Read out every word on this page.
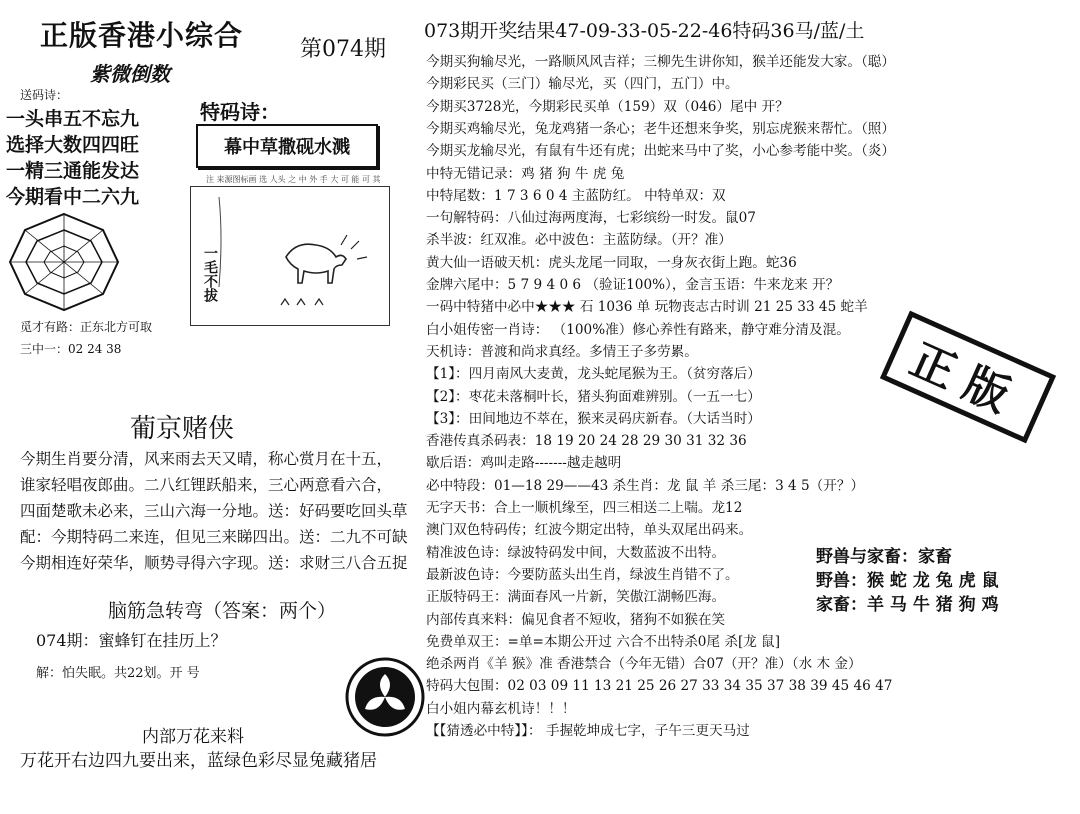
正版香港小综合	第074期
紫微倒数
送码诗：
一头串五不忘九
选择大数四四旺
一精三通能发达
今期看中二六九
特码诗：
幕中草撒砚水溅
注 来源图标画 选 人头 之 中 外 手 大 可 能 可 其
一毛不拔
觅才有路：正东北方可取
三中一：02 24 38
葡京赌侠
今期生肖要分清，风来雨去天又晴，称心赏月在十五，
谁家轻唱夜郎曲。二八红锂跃船来，三心两意看六合，
四面楚歌未必来，三山六海一分地。送：好码要吃回头草
配：今期特码二来连，但见三来睇四出。送：二九不可缺
今期相连好荣华，顺势寻得六字现。送：求财三八合五捉
脑筋急转弯（答案：两个）
074期：蜜蜂钉在挂历上？
解：怕失眠。共22划。开 号
内部万花来料
万花开右边四九要出来，蓝绿色彩尽显兔藏猪居
073期开奖结果47-09-33-05-22-46特码36马/蓝/土
今期买狗输尽光，一路顺风风吉祥；三柳先生讲你知，猴羊还能发大家。（聪）
今期彩民买（三门）输尽光，买（四门，五门）中。
今期买3728光，今期彩民买单（159）双（046）尾中 开？
今期买鸡输尽光，兔龙鸡猪一条心；老牛还想来争奖，别忘虎猴来帮忙。（照）
今期买龙输尽光，有鼠有牛还有虎；出蛇来马中了奖，小心参考能中奖。（炎）
中特无错记录：鸡 猪 狗 牛 虎 兔
中特尾数：1 7 3 6 0 4 主蓝防红。 中特单双：双
一句解特码：八仙过海两度海，七彩缤纷一时发。鼠07
杀半波：红双准。必中波色：主蓝防绿。（开？准）
黄大仙一语破天机：虎头龙尾一同取，一身灰衣街上跑。蛇36
金牌六尾中：5 7 9 4 0 6 （验证100%），金言玉语：牛来龙来 开？
一码中特猪中必中★★★ 石 1036 单 玩物丧志古时训 21 25 33 45 蛇羊
白小姐传密一肖诗： （100%准）修心养性有路来，静守难分清及混。
天机诗：普渡和尚求真经。多情王子多劳累。
【1】：四月南风大麦黄，龙头蛇尾猴为王。（贫穷落后）
【2】：枣花未落桐叶长，猪头狗面难辨别。（一五一七）
【3】：田间地边不萃在，猴来灵码庆新春。（大话当时）
香港传真杀码表：18 19 20 24 28 29 30 31 32 36
歇后语：鸡叫走路-------越走越明
必中特段：01—18 29——43 杀生肖：龙 鼠 羊 杀三尾：3 4 5（开？）
无字天书：合上一顺机缘至，四三相送二上喘。龙12
澳门双色特码传；红波今期定出特，单头双尾出码来。
精准波色诗：绿波特码发中间，大数蓝波不出特。
最新波色诗：今要防蓝头出生肖，绿波生肖错不了。
正版特码王：满面春风一片新，笑傲江湖畅匹海。
内部传真来料：偏见食者不短收，猪狗不如猴在笑
免费单双王：=单=本期公开过 六合不出特杀0尾 杀[龙 鼠]
绝杀两肖《羊 猴》准 香港禁合（今年无错）合07（开？准）（水 木 金）
特码大包围：02 03 09 11 13 21 25 26 27 33 34 35 37 38 39 45 46 47
白小姐内幕玄机诗！！！
【【猜透必中特】】： 手握乾坤成七字，子午三更天马过
正版
野兽与家畜：家畜
野兽：猴 蛇 龙 兔 虎 鼠
家畜：羊 马 牛 猪 狗 鸡
